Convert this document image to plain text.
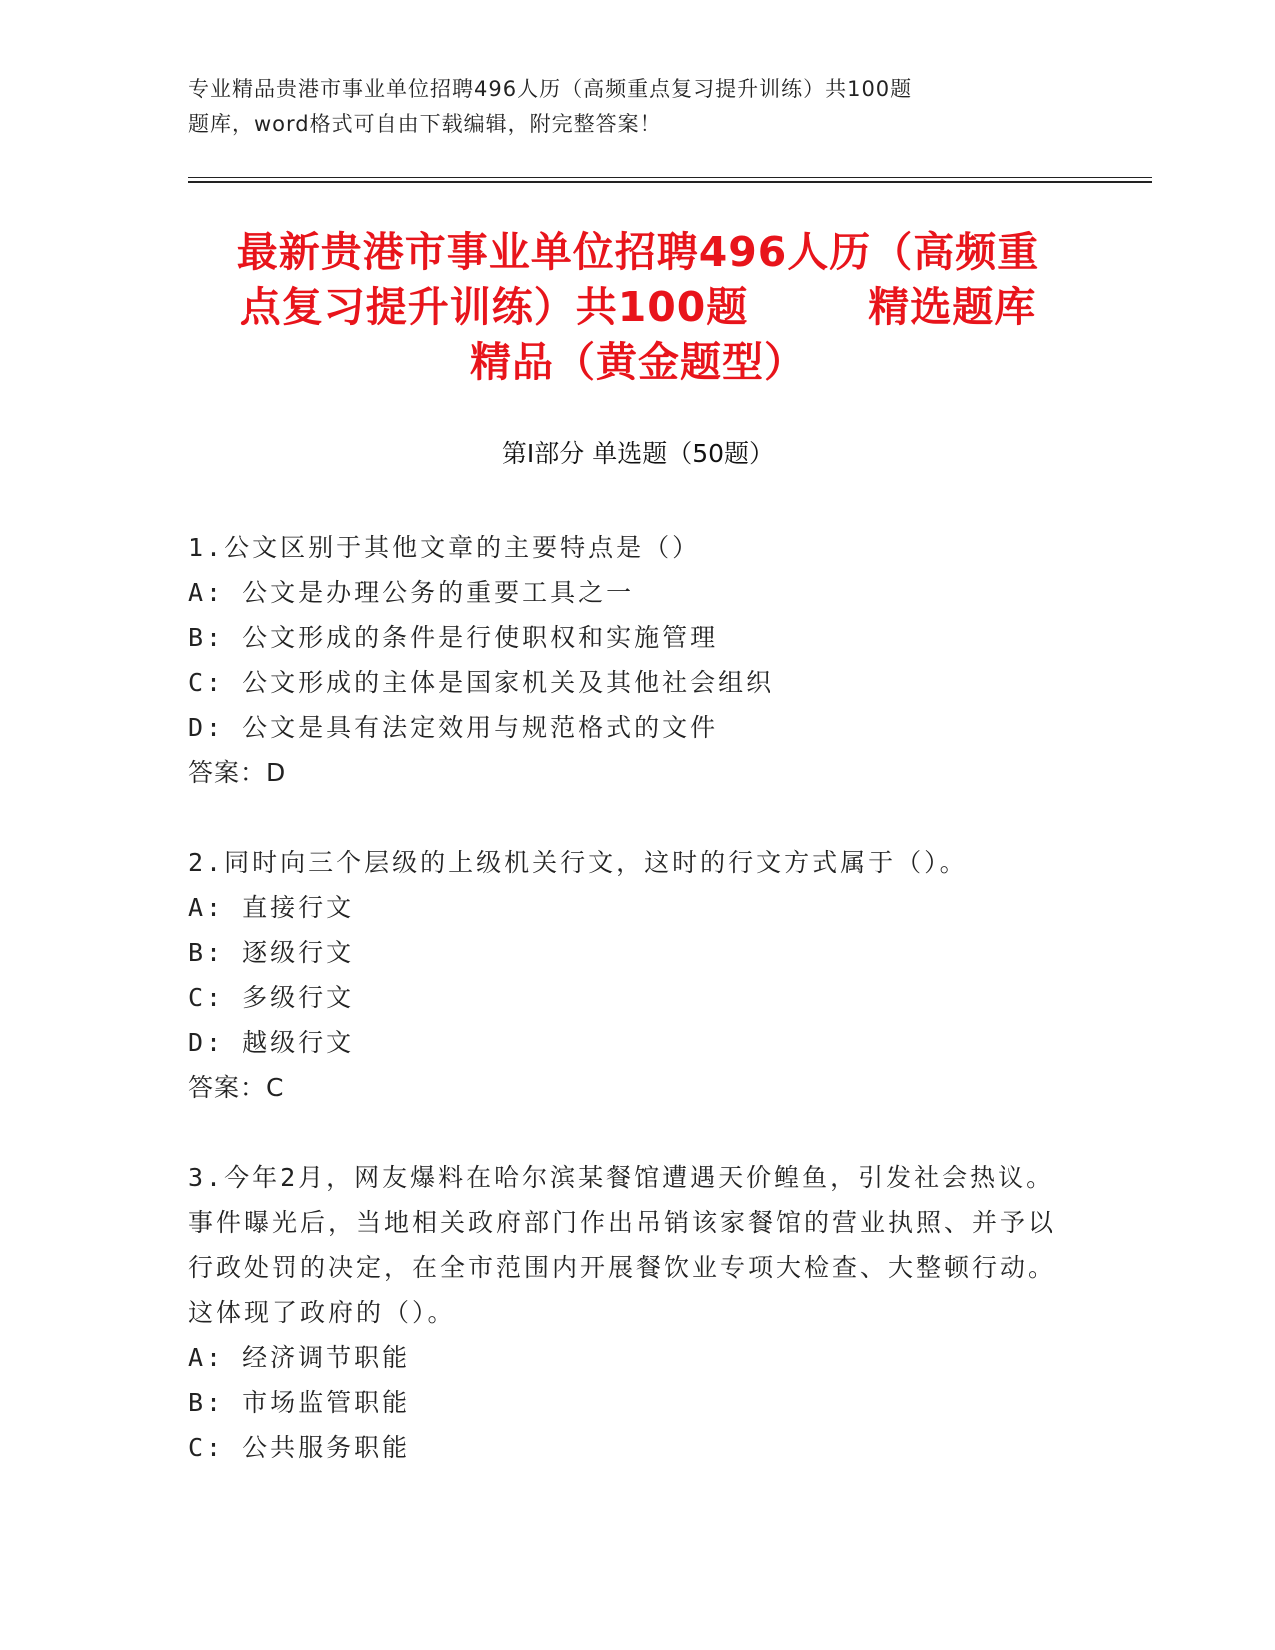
专业精品贵港市事业单位招聘496人历（高频重点复习提升训练）共100题
题库，word格式可自由下载编辑，附完整答案！
最新贵港市事业单位招聘496人历（高频重
点复习提升训练）共100题	精选题库
精品（黄金题型）
第I部分 单选题（50题）
1.公文区别于其他文章的主要特点是（）
A: 公文是办理公务的重要工具之一
B: 公文形成的条件是行使职权和实施管理
C: 公文形成的主体是国家机关及其他社会组织
D: 公文是具有法定效用与规范格式的文件
答案：D
2.同时向三个层级的上级机关行文，这时的行文方式属于（）。
A: 直接行文
B: 逐级行文
C: 多级行文
D: 越级行文
答案：C
3.今年2月，网友爆料在哈尔滨某餐馆遭遇天价鳇鱼，引发社会热议。事件曝光后，当地相关政府部门作出吊销该家餐馆的营业执照、并予以行政处罚的决定，在全市范围内开展餐饮业专项大检查、大整顿行动。这体现了政府的（）。
A: 经济调节职能
B: 市场监管职能
C: 公共服务职能
